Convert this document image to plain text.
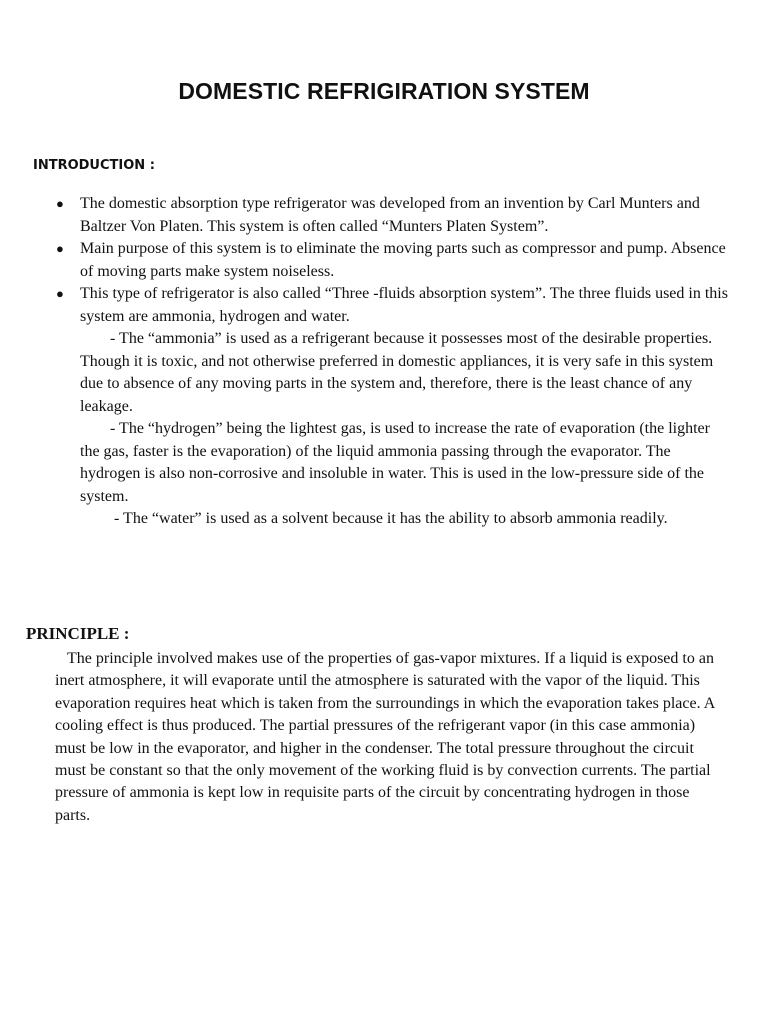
DOMESTIC REFRIGIRATION SYSTEM
INTRODUCTION :
● The domestic absorption type refrigerator was developed from an invention by Carl Munters and Baltzer Von Platen. This system is often called “Munters Platen System”.
● Main purpose of this system is to eliminate the moving parts such as compressor and pump. Absence of moving parts make system noiseless.
● This type of refrigerator is also called “Three -fluids absorption system”. The three fluids used in this system are ammonia, hydrogen and water.
- The “ammonia” is used as a refrigerant because it possesses most of the desirable properties. Though it is toxic, and not otherwise preferred in domestic appliances, it is very safe in this system due to absence of any moving parts in the system and, therefore, there is the least chance of any leakage.
- The “hydrogen” being the lightest gas, is used to increase the rate of evaporation (the lighter the gas, faster is the evaporation) of the liquid ammonia passing through the evaporator. The hydrogen is also non-corrosive and insoluble in water. This is used in the low-pressure side of the system.
- The “water” is used as a solvent because it has the ability to absorb ammonia readily.
PRINCIPLE :

The principle involved makes use of the properties of gas-vapor mixtures. If a liquid is exposed to an inert atmosphere, it will evaporate until the atmosphere is saturated with the vapor of the liquid. This evaporation requires heat which is taken from the surroundings in which the evaporation takes place. A cooling effect is thus produced. The partial pressures of the refrigerant vapor (in this case ammonia) must be low in the evaporator, and higher in the condenser. The total pressure throughout the circuit must be constant so that the only movement of the working fluid is by convection currents. The partial pressure of ammonia is kept low in requisite parts of the circuit by concentrating hydrogen in those parts.
